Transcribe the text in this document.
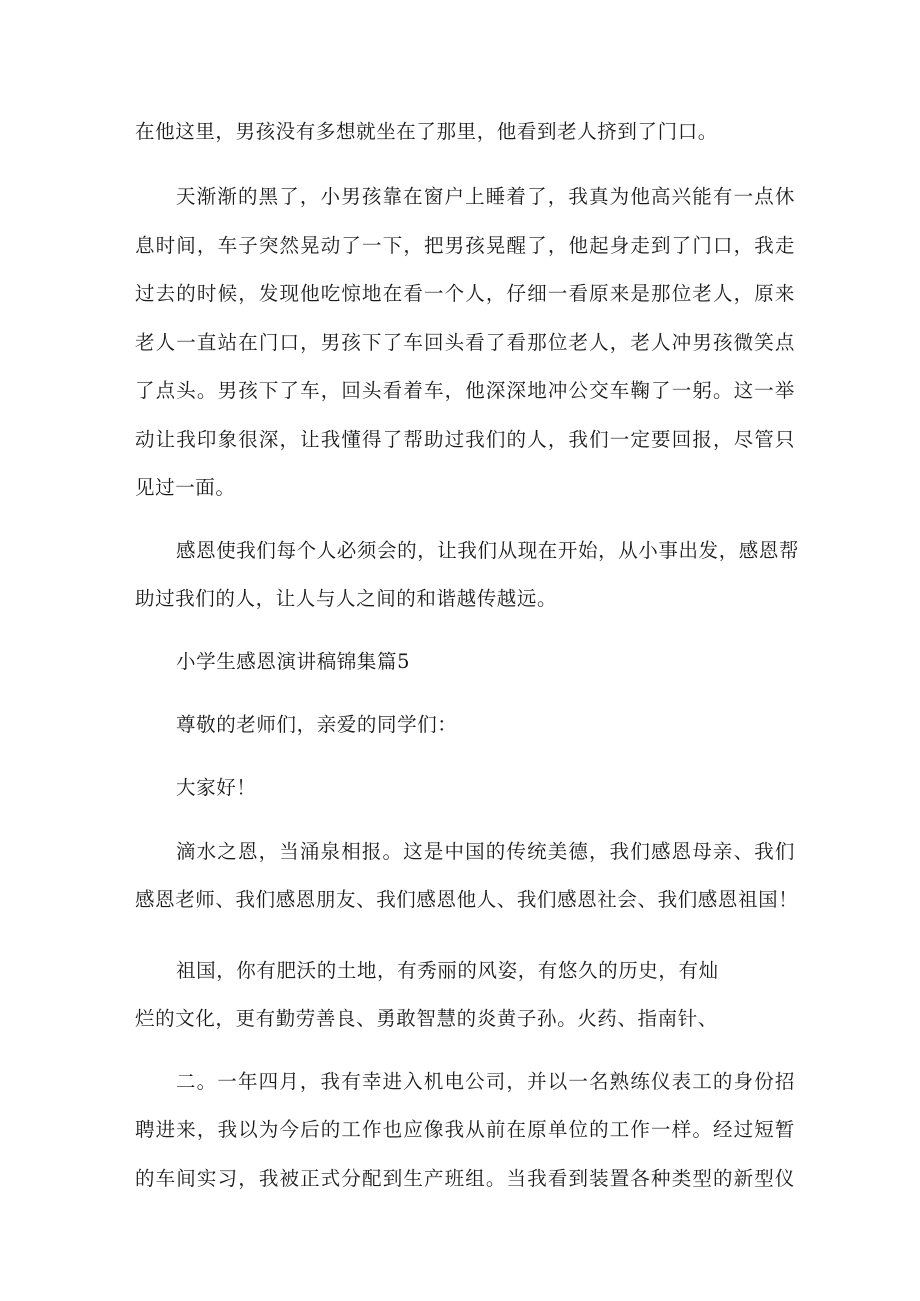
在他这里，男孩没有多想就坐在了那里，他看到老人挤到了门口。
天渐渐的黑了，小男孩靠在窗户上睡着了，我真为他高兴能有一点休
息时间，车子突然晃动了一下，把男孩晃醒了，他起身走到了门口，我走
过去的时候，发现他吃惊地在看一个人，仔细一看原来是那位老人，原来
老人一直站在门口，男孩下了车回头看了看那位老人，老人冲男孩微笑点
了点头。男孩下了车，回头看着车，他深深地冲公交车鞠了一躬。这一举
动让我印象很深，让我懂得了帮助过我们的人，我们一定要回报，尽管只
见过一面。
感恩使我们每个人必须会的，让我们从现在开始，从小事出发，感恩帮
助过我们的人，让人与人之间的和谐越传越远。
小学生感恩演讲稿锦集篇5
尊敬的老师们，亲爱的同学们：
大家好！
滴水之恩，当涌泉相报。这是中国的传统美德，我们感恩母亲、我们
感恩老师、我们感恩朋友、我们感恩他人、我们感恩社会、我们感恩祖国！
祖国，你有肥沃的土地，有秀丽的风姿，有悠久的历史，有灿
烂的文化，更有勤劳善良、勇敢智慧的炎黄子孙。火药、指南针、
二。一年四月，我有幸进入机电公司，并以一名熟练仪表工的身份招
聘进来，我以为今后的工作也应像我从前在原单位的工作一样。经过短暂
的车间实习，我被正式分配到生产班组。当我看到装置各种类型的新型仪
